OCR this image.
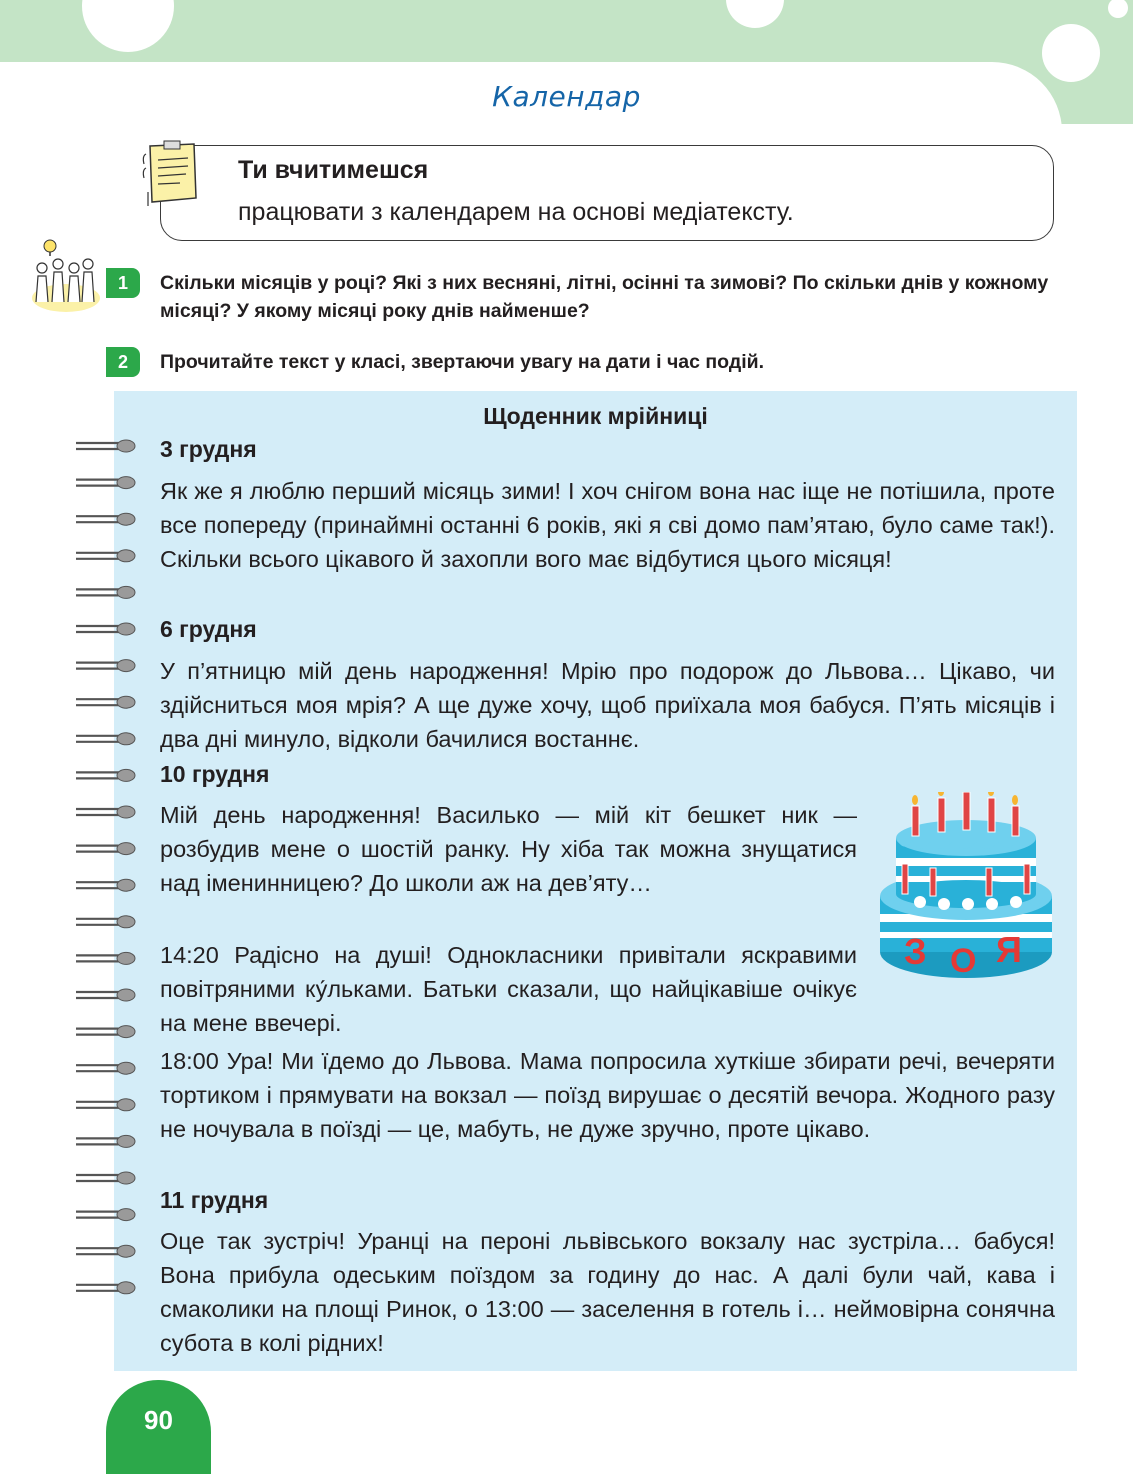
Календар
Ти вчитимешся
працювати з календарем на основі медіатексту.
1	Скільки місяців у році? Які з них весняні, літні, осінні та зимові? По скільки днів у кожному місяці? У якому місяці року днів найменше?
2	Прочитайте текст у класі, звертаючи увагу на дати і час подій.
Щоденник мрійниці
3 грудня
Як же я люблю перший місяць зими! І хоч снігом вона нас іще не потішила, проте все попереду (принаймні останні 6 років, які я сві домо пам’ятаю, було саме так!). Скільки всього цікавого й захопли вого має відбутися цього місяця!
6 грудня
У п’ятницю мій день народження! Мрію про подорож до Львова… Цікаво, чи здійсниться моя мрія? А ще дуже хочу, щоб приїхала моя бабуся. П’ять місяців і два дні минуло, відколи бачилися востаннє.
10 грудня
Мій день народження! Василько — мій кіт бешкет ник — розбудив мене о шостій ранку. Ну хіба так можна знущатися над іменинницею? До школи аж на дев’яту…
14:20 Радісно на душі! Однокласники привітали яскравими повітряними ку́льками. Батьки сказали, що найцікавіше очікує на мене ввечері.
18:00 Ура! Ми їдемо до Львова. Мама попросила хуткіше збирати речі, вечеряти тортиком і прямувати на вокзал — поїзд вирушає о десятій вечора. Жодного разу не ночувала в поїзді — це, мабуть, не дуже зручно, проте цікаво.
11 грудня
Оце так зустріч! Уранці на пероні львівського вокзалу нас зустріла… бабуся! Вона прибула одеським поїздом за годину до нас. А далі були чай, кава і смаколики на площі Ринок, о 13:00 — заселення в готель і… неймовірна сонячна субота в колі рідних!
З О Я
90
